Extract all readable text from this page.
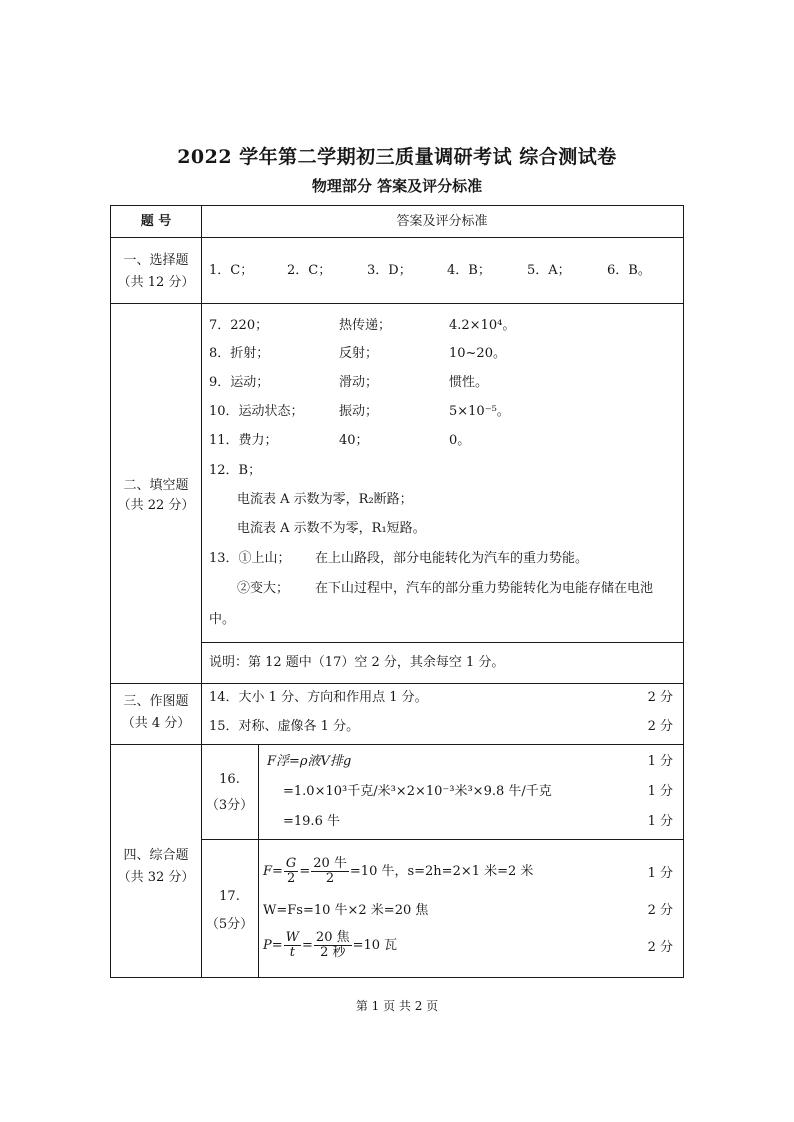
2022 学年第二学期初三质量调研考试 综合测试卷
物理部分 答案及评分标准
题 号	答案及评分标准
一、选择题
（共 12 分）
1．C；	2．C；	3．D；	4．B；	5．A；	6．B。
二、填空题
（共 22 分）
7．220；	热传递；	4.2×10⁴。
8．折射；	反射；	10~20。
9．运动；	滑动；	惯性。
10．运动状态；	振动；	5×10⁻⁵。
11．费力；	40；	0。
12．B；
电流表 A 示数为零，R₂断路；
电流表 A 示数不为零，R₁短路。
13．①上山； 在上山路段，部分电能转化为汽车的重力势能。
②变大； 在下山过程中，汽车的部分重力势能转化为电能存储在电池
中。
说明：第 12 题中（17）空 2 分，其余每空 1 分。
三、作图题
（共 4 分）
14．大小 1 分、方向和作用点 1 分。	2 分
15．对称、虚像各 1 分。	2 分
四、综合题
（共 32 分）
16.
（3分）
F浮=ρ液V排g	1 分
=1.0×10³千克/米³×2×10⁻³米³×9.8 牛/千克	1 分
=19.6 牛	1 分
17.
（5分）
$F= \frac{G}{2} = \frac{\text{20 牛}}{2} =10$ 牛，s=2h=2×1 米=2 米	1 分
W=Fs=10 牛×2 米=20 焦	2 分
$P= \frac{W}{t} = \frac{\text{20 焦}}{\text{2 秒}} =10$ 瓦	2 分
第 1 页 共 2 页
